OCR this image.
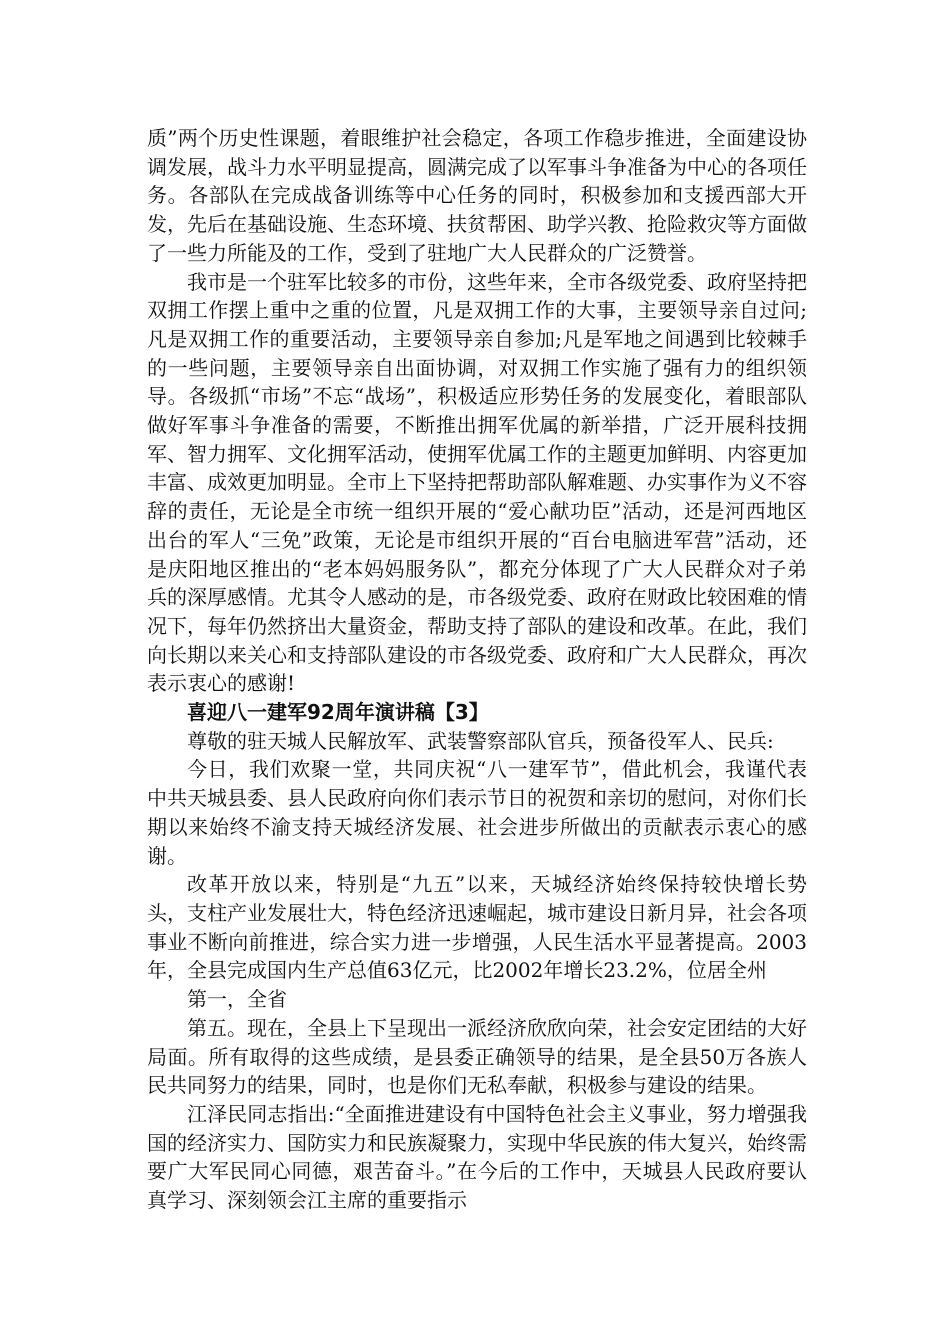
质”两个历史性课题，着眼维护社会稳定，各项工作稳步推进，全面建设协调发展，战斗力水平明显提高，圆满完成了以军事斗争准备为中心的各项任务。各部队在完成战备训练等中心任务的同时，积极参加和支援西部大开发，先后在基础设施、生态环境、扶贫帮困、助学兴教、抢险救灾等方面做了一些力所能及的工作，受到了驻地广大人民群众的广泛赞誉。

我市是一个驻军比较多的市份，这些年来，全市各级党委、政府坚持把双拥工作摆上重中之重的位置，凡是双拥工作的大事，主要领导亲自过问;凡是双拥工作的重要活动，主要领导亲自参加;凡是军地之间遇到比较棘手的一些问题，主要领导亲自出面协调，对双拥工作实施了强有力的组织领导。各级抓“市场”不忘“战场”，积极适应形势任务的发展变化，着眼部队做好军事斗争准备的需要，不断推出拥军优属的新举措，广泛开展科技拥军、智力拥军、文化拥军活动，使拥军优属工作的主题更加鲜明、内容更加丰富、成效更加明显。全市上下坚持把帮助部队解难题、办实事作为义不容辞的责任，无论是全市统一组织开展的“爱心献功臣”活动，还是河西地区出台的军人“三免”政策，无论是市组织开展的“百台电脑进军营”活动，还是庆阳地区推出的“老本妈妈服务队”，都充分体现了广大人民群众对子弟兵的深厚感情。尤其令人感动的是，市各级党委、政府在财政比较困难的情况下，每年仍然挤出大量资金，帮助支持了部队的建设和改革。在此，我们向长期以来关心和支持部队建设的市各级党委、政府和广大人民群众，再次表示衷心的感谢!

喜迎八一建军92周年演讲稿【3】

尊敬的驻天城人民解放军、武装警察部队官兵，预备役军人、民兵:

今日，我们欢聚一堂，共同庆祝“八一建军节”，借此机会，我谨代表中共天城县委、县人民政府向你们表示节日的祝贺和亲切的慰问，对你们长期以来始终不渝支持天城经济发展、社会进步所做出的贡献表示衷心的感谢。

改革开放以来，特别是“九五”以来，天城经济始终保持较快增长势头，支柱产业发展壮大，特色经济迅速崛起，城市建设日新月异，社会各项事业不断向前推进，综合实力进一步增强，人民生活水平显著提高。2003年，全县完成国内生产总值63亿元，比2002年增长23.2%，位居全州

第一，全省

第五。现在，全县上下呈现出一派经济欣欣向荣，社会安定团结的大好局面。所有取得的这些成绩，是县委正确领导的结果，是全县50万各族人民共同努力的结果，同时，也是你们无私奉献，积极参与建设的结果。

江泽民同志指出:“全面推进建设有中国特色社会主义事业，努力增强我国的经济实力、国防实力和民族凝聚力，实现中华民族的伟大复兴，始终需要广大军民同心同德，艰苦奋斗。”在今后的工作中，天城县人民政府要认真学习、深刻领会江主席的重要指示
